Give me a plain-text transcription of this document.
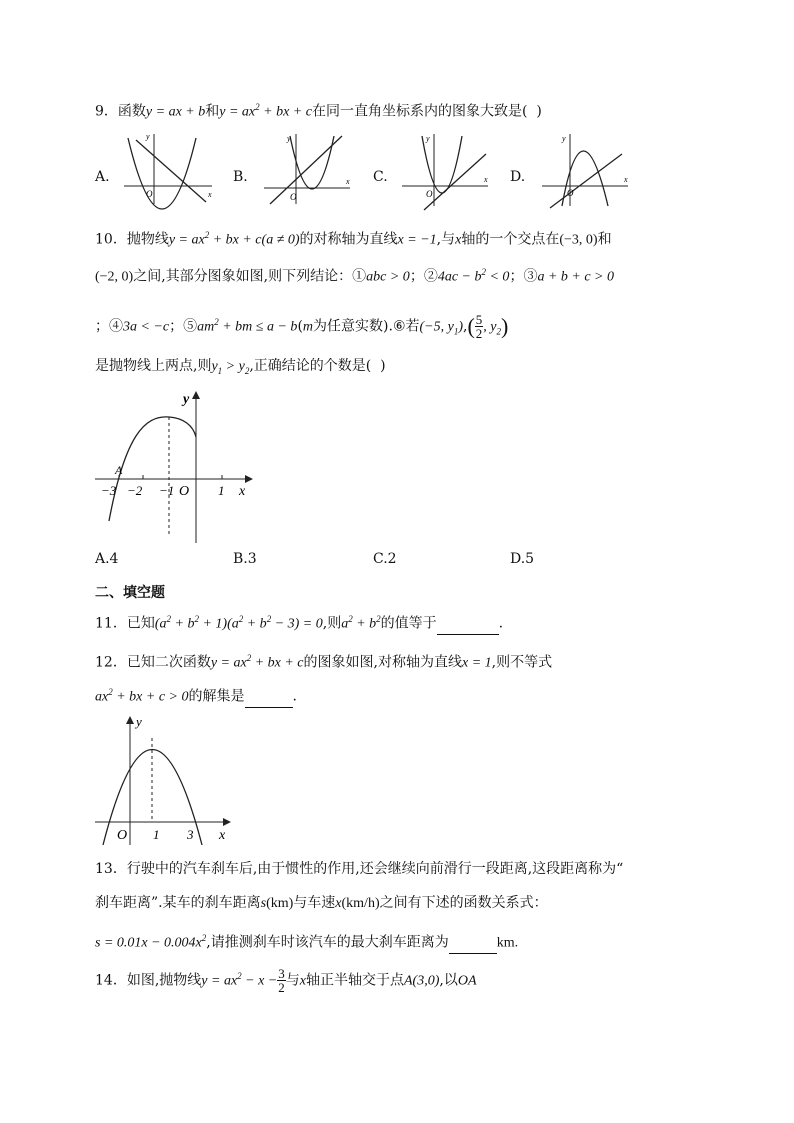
9．函数y = ax + b和$y = ax^2$ + bx + c在同一直角坐标系内的图象大致是( )
A.
y
x
O
B.
y
x
O
C.
y
x
O
D.
y
x
O
10．抛物线$y = ax^2$ + bx + c(a ≠ 0)的对称轴为直线x = −1,与x轴的一个交点在(−3, 0)和
(−2, 0)之间,其部分图象如图,则下列结论：①abc > 0；②4ac − $b^2 < 0$；③a + b + c > 0
；④3a < −c；$⑤am^2$ + bm ≤ a − b(m为任意实数).⑥若(−5, $y_1),( \frac{5}{2}$ , $y_2$)
是抛物线上两点,则$y_1 > y_2$,正确结论的个数是( )
y
A
O	x
−3 −2 −1	1
A.4	B.3	C.2	D.5
二、填空题
11．已知$(a^2 + b^2 + 1)(a^2 + b^2 - 3) = 0$,则$a^2 + b^2$的值等于	.
12．已知二次函数$y = ax^2$ + bx + c的图象如图,对称轴为直线x = 1,则不等式
$ax^2$ + bx + c > 0的解集是	.
y
O 1 3 x
13．行驶中的汽车刹车后,由于惯性的作用,还会继续向前滑行一段距离,这段距离称为“
刹车距离”.某车的刹车距离s(km)与车速x(km/h)之间有下述的函数关系式：
$s = 0.01x - 0.004x^2$,请推测刹车时该汽车的最大刹车距离为	km.
14．如图,抛物线$y = ax^2 - x - \frac{3}{2}$ 与x轴正半轴交于点A(3,0),以OA
